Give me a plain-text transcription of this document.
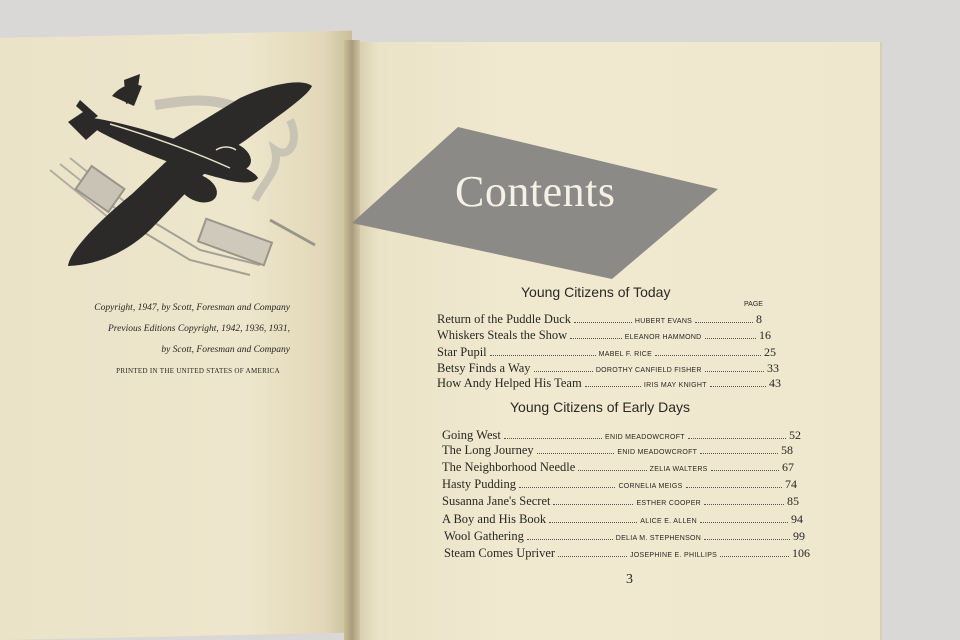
Copyright, 1947, by Scott, Foresman and Company
Previous Editions Copyright, 1942, 1936, 1931,
by Scott, Foresman and Company
PRINTED IN THE UNITED STATES OF AMERICA
Contents
Young Citizens of Today
PAGE
Return of the Puddle Duck	HUBERT EVANS	8
Whiskers Steals the Show	ELEANOR HAMMOND	16
Star Pupil	MABEL F. RICE	25
Betsy Finds a Way	DOROTHY CANFIELD FISHER	33
How Andy Helped His Team	IRIS MAY KNIGHT	43
Young Citizens of Early Days
Going West	ENID MEADOWCROFT	52
The Long Journey	ENID MEADOWCROFT	58
The Neighborhood Needle	ZELIA WALTERS	67
Hasty Pudding	CORNELIA MEIGS	74
Susanna Jane's Secret	ESTHER COOPER	85
A Boy and His Book	ALICE E. ALLEN	94
Wool Gathering	DELIA M. STEPHENSON	99
Steam Comes Upriver	JOSEPHINE E. PHILLIPS	106
3
